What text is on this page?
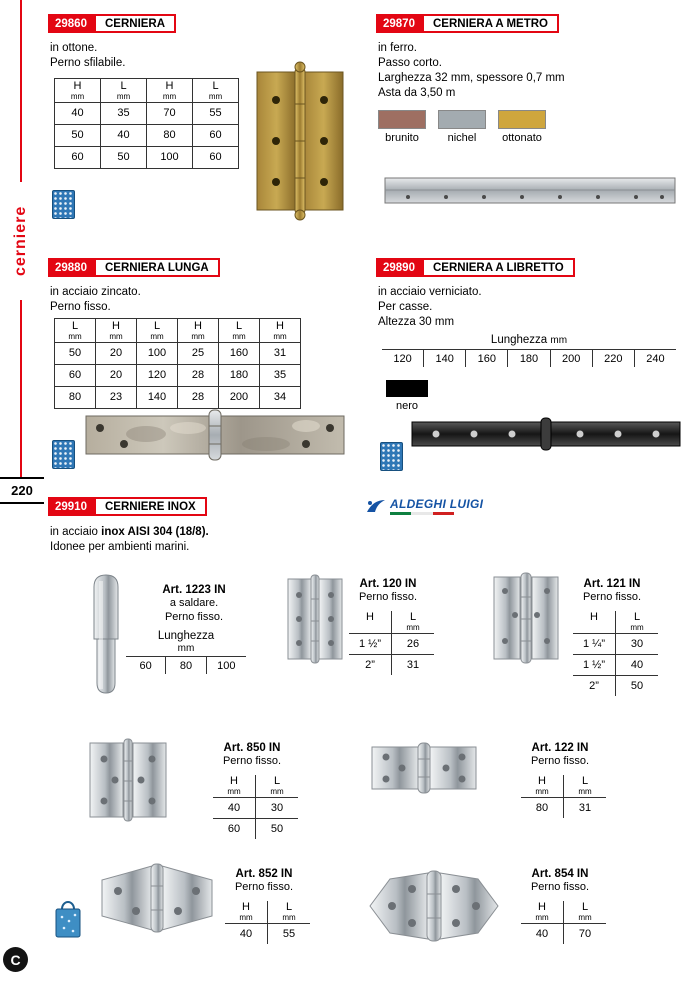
cerniere
220
C
29860	CERNIERA
in ottone.
Perno sfilabile.
H
mm	L
mm	H
mm	L
mm

40	35	70	55
50	40	80	60
60	50	100	60
29870	CERNIERA A METRO
in ferro.
Passo corto.
Larghezza 32 mm, spessore 0,7 mm
Asta da 3,50 m
brunito	nichel	ottonato
29880	CERNIERA LUNGA
in acciaio zincato.
Perno fisso.
L
mm	H
mm	L
mm	H
mm	L
mm	H
mm

50	20	100	25	160	31
60	20	120	28	180	35
80	23	140	28	200	34
29890	CERNIERA A LIBRETTO
in acciaio verniciato.
Per casse.
Altezza 30 mm
Lunghezza mm
120	140	160	180	200	220	240
nero
29910	CERNIERE INOX	ALDEGHI LUIGI
in acciaio inox AISI 304 (18/8).
Idonee per ambienti marini.
Art. 1223 IN
a saldare.
Perno fisso.
Lunghezza
mm
60	80	100
Art. 120 IN
Perno fisso.
H	L
mm

1 ½”	26
2”	31
Art. 121 IN
Perno fisso.
H	L
mm

1 ¼”	30
1 ½”	40
2”	50
Art. 850 IN
Perno fisso.
H
mm	L
mm

40	30
60	50
Art. 122 IN
Perno fisso.
H
mm	L
mm

80	31
Art. 852 IN
Perno fisso.
H
mm	L
mm

40	55
Art. 854 IN
Perno fisso.
H
mm	L
mm

40	70
